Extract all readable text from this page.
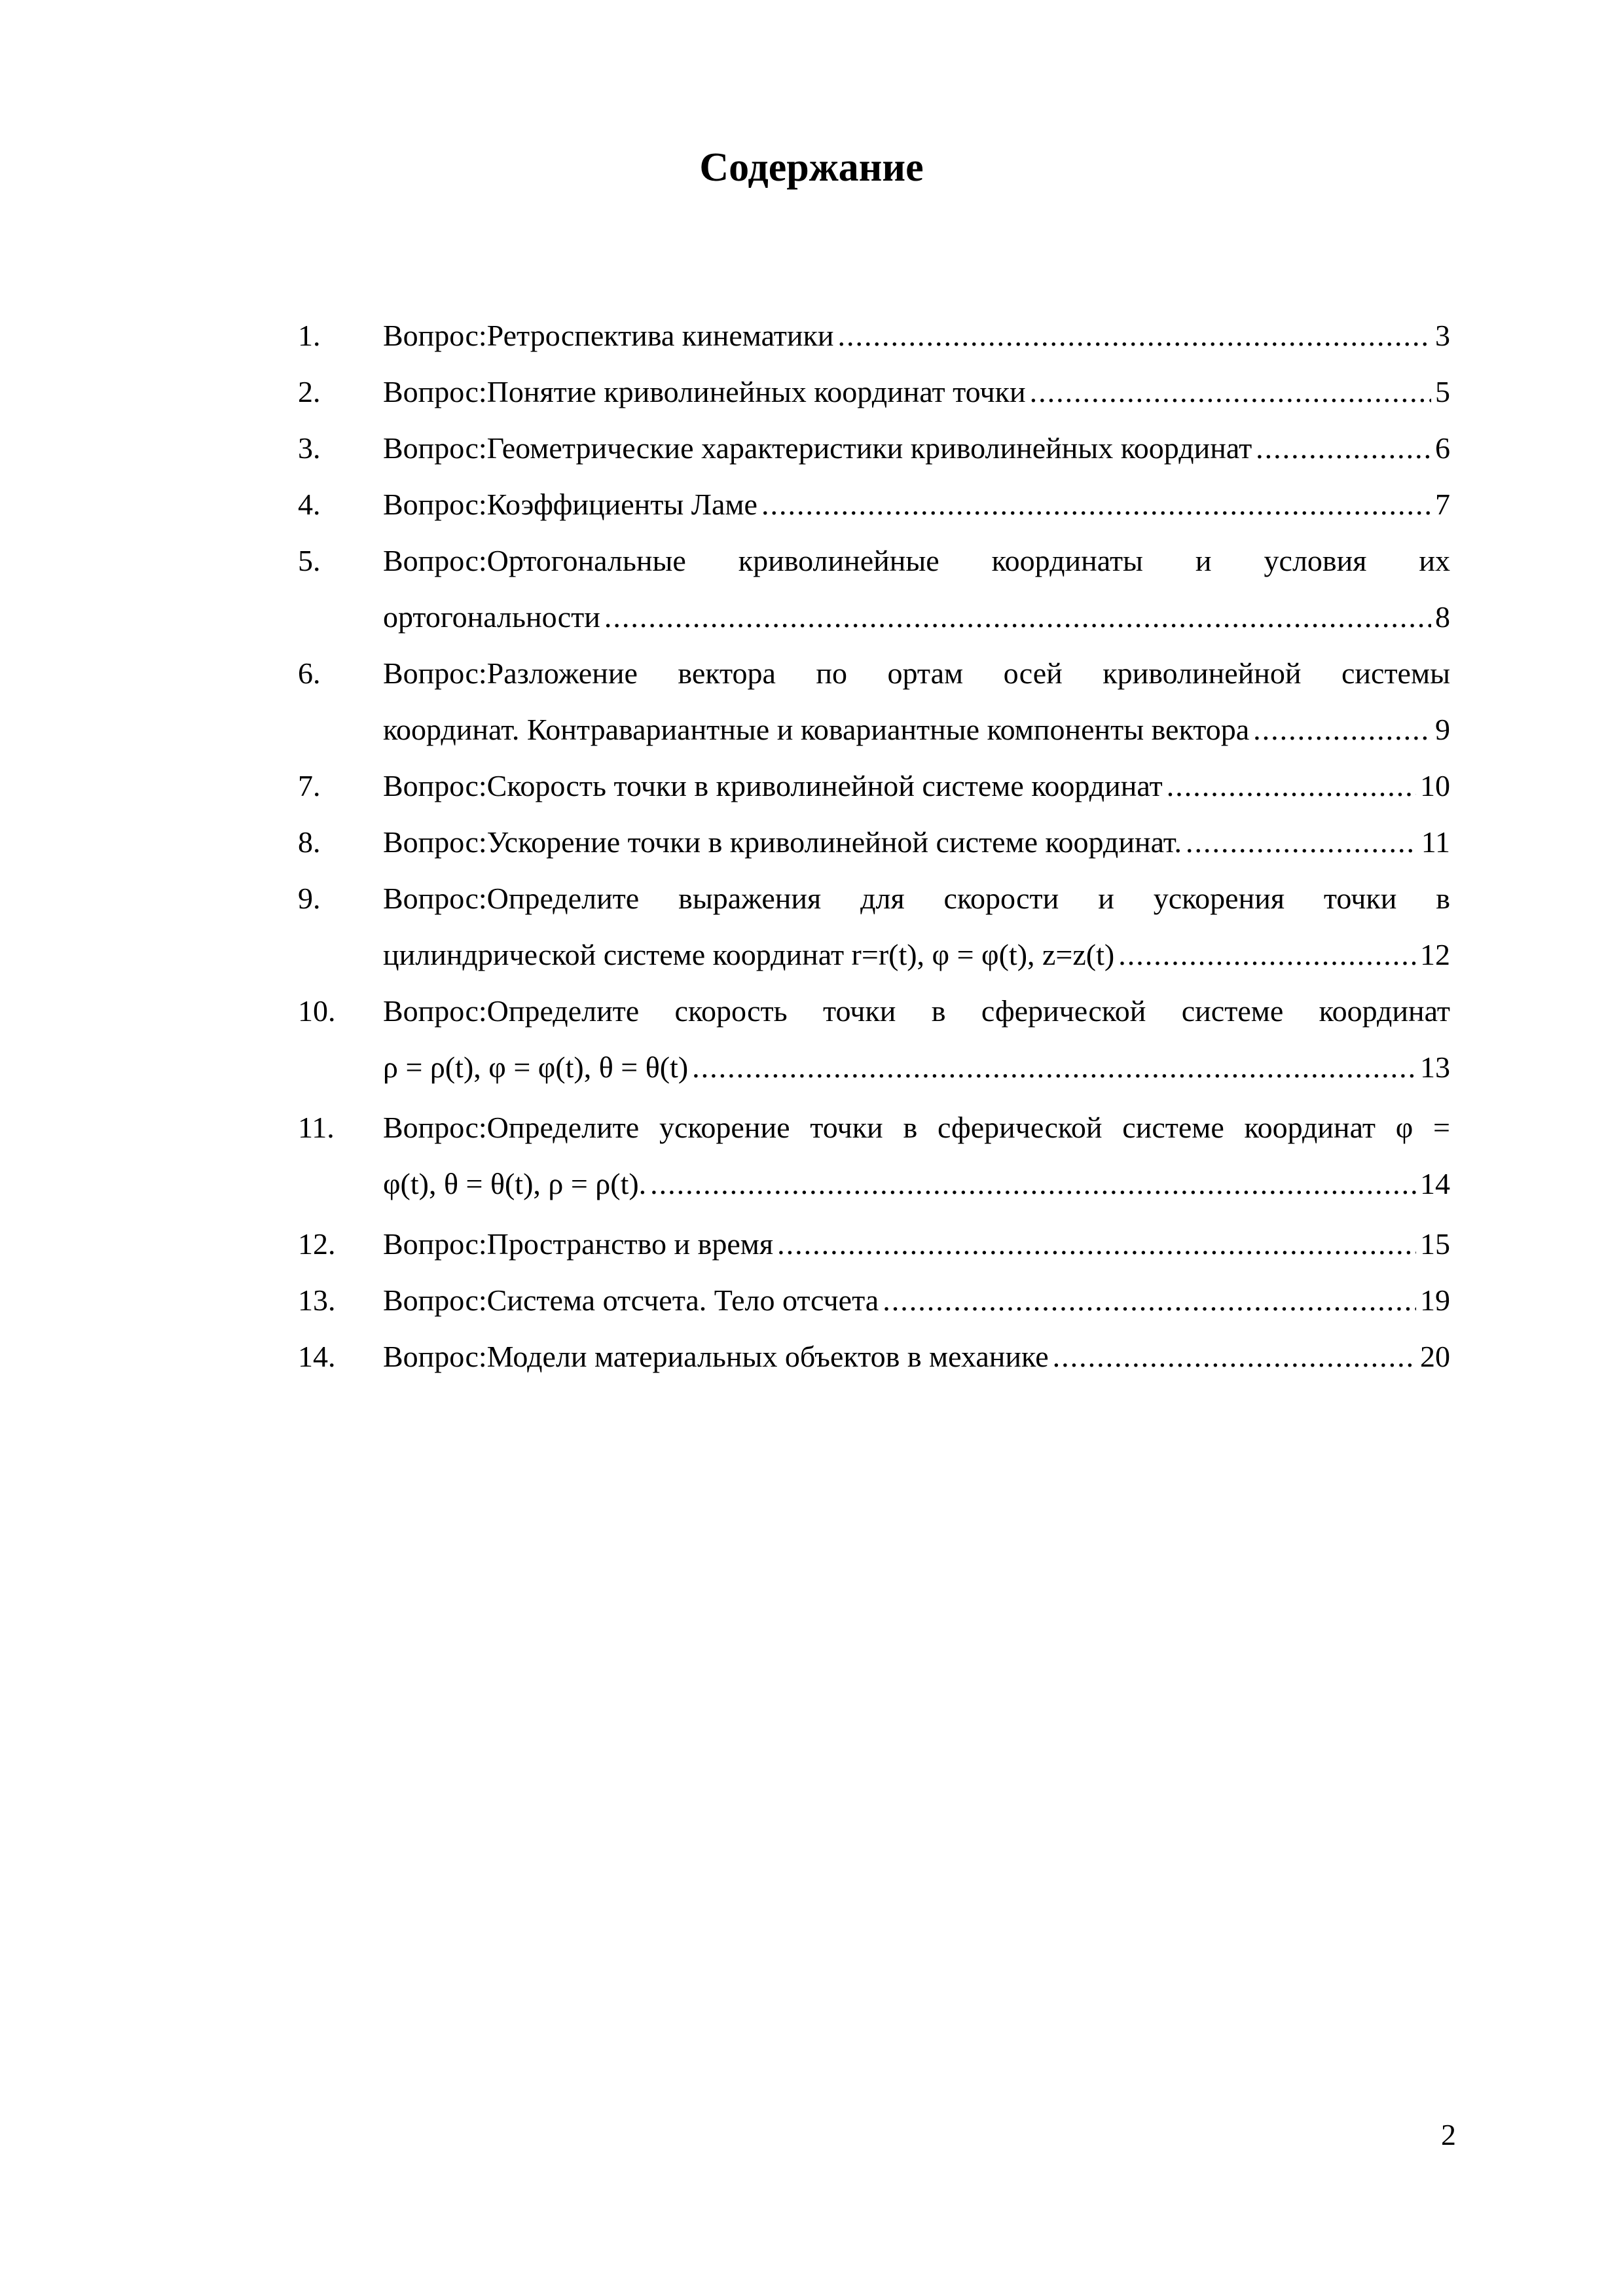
Содержание
1. Вопрос:Ретроспектива кинематики .....	3
2. Вопрос:Понятие криволинейных координат точки .....	5
3. Вопрос:Геометрические характеристики криволинейных координат .....	6
4. Вопрос:Коэффициенты Ламе .....	7
5. Вопрос:Ортогональные криволинейные координаты и условия их
ортогональности .....	8
6. Вопрос:Разложение вектора по ортам осей криволинейной системы
координат. Контравариантные и ковариантные компоненты вектора .....	9
7. Вопрос:Скорость точки в криволинейной системе координат .....	10
8. Вопрос:Ускорение точки в криволинейной системе координат. .....	11
9. Вопрос:Определите выражения для скорости и ускорения точки в
цилиндрической системе координат r=r(t), φ = φ(t), z=z(t) .....	12
10. Вопрос:Определите скорость точки в сферической системе координат
ρ = ρ(t), φ = φ(t), θ = θ(t) .....	13
11. Вопрос:Определите ускорение точки в сферической системе координат φ =
φ(t), θ = θ(t), ρ = ρ(t). .....	14
12. Вопрос:Пространство и время .....	15
13. Вопрос:Система отсчета. Тело отсчета .....	19
14. Вопрос:Модели материальных объектов в механике .....	20
2
